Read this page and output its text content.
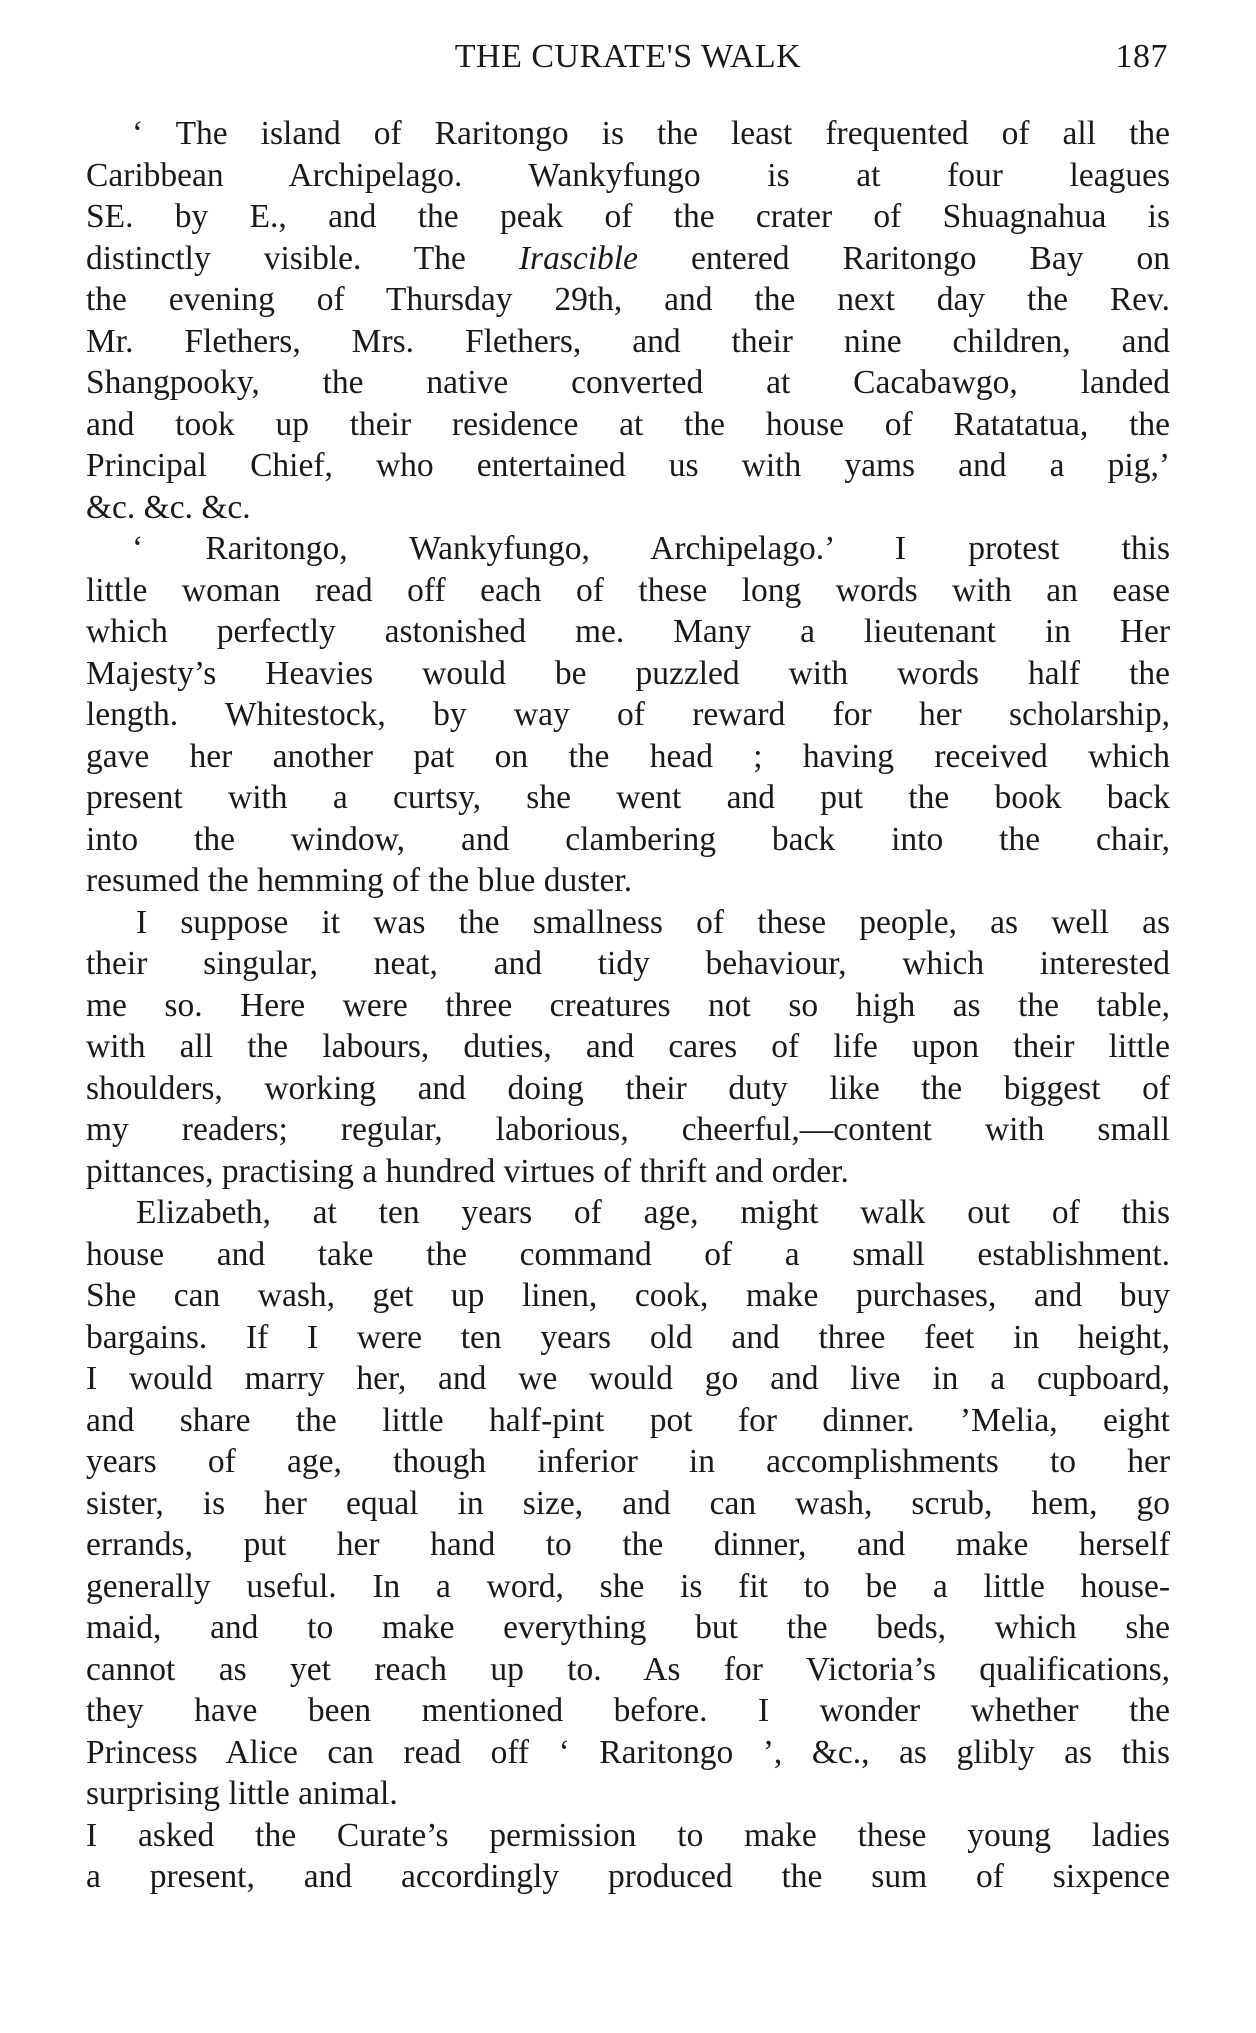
THE CURATE'S WALK	187
‘ The island of Raritongo is the least frequented of all the
Caribbean Archipelago. Wankyfungo is at four leagues
SE. by E., and the peak of the crater of Shuagnahua is
distinctly visible. The Irascible entered Raritongo Bay on
the evening of Thursday 29th, and the next day the Rev.
Mr. Flethers, Mrs. Flethers, and their nine children, and
Shangpooky, the native converted at Cacabawgo, landed
and took up their residence at the house of Ratatatua, the
Principal Chief, who entertained us with yams and a pig,’
&c. &c. &c.
‘ Raritongo, Wankyfungo, Archipelago.’ I protest this
little woman read off each of these long words with an ease
which perfectly astonished me. Many a lieutenant in Her
Majesty’s Heavies would be puzzled with words half the
length. Whitestock, by way of reward for her scholarship,
gave her another pat on the head ; having received which
present with a curtsy, she went and put the book back
into the window, and clambering back into the chair,
resumed the hemming of the blue duster.
I suppose it was the smallness of these people, as well as
their singular, neat, and tidy behaviour, which interested
me so. Here were three creatures not so high as the table,
with all the labours, duties, and cares of life upon their little
shoulders, working and doing their duty like the biggest of
my readers; regular, laborious, cheerful,—content with small
pittances, practising a hundred virtues of thrift and order.
Elizabeth, at ten years of age, might walk out of this
house and take the command of a small establishment.
She can wash, get up linen, cook, make purchases, and buy
bargains. If I were ten years old and three feet in height,
I would marry her, and we would go and live in a cupboard,
and share the little half-pint pot for dinner. ’Melia, eight
years of age, though inferior in accomplishments to her
sister, is her equal in size, and can wash, scrub, hem, go
errands, put her hand to the dinner, and make herself
generally useful. In a word, she is fit to be a little house-
maid, and to make everything but the beds, which she
cannot as yet reach up to. As for Victoria’s qualifications,
they have been mentioned before. I wonder whether the
Princess Alice can read off ‘ Raritongo ’, &c., as glibly as this
surprising little animal.
I asked the Curate’s permission to make these young ladies
a present, and accordingly produced the sum of sixpence
